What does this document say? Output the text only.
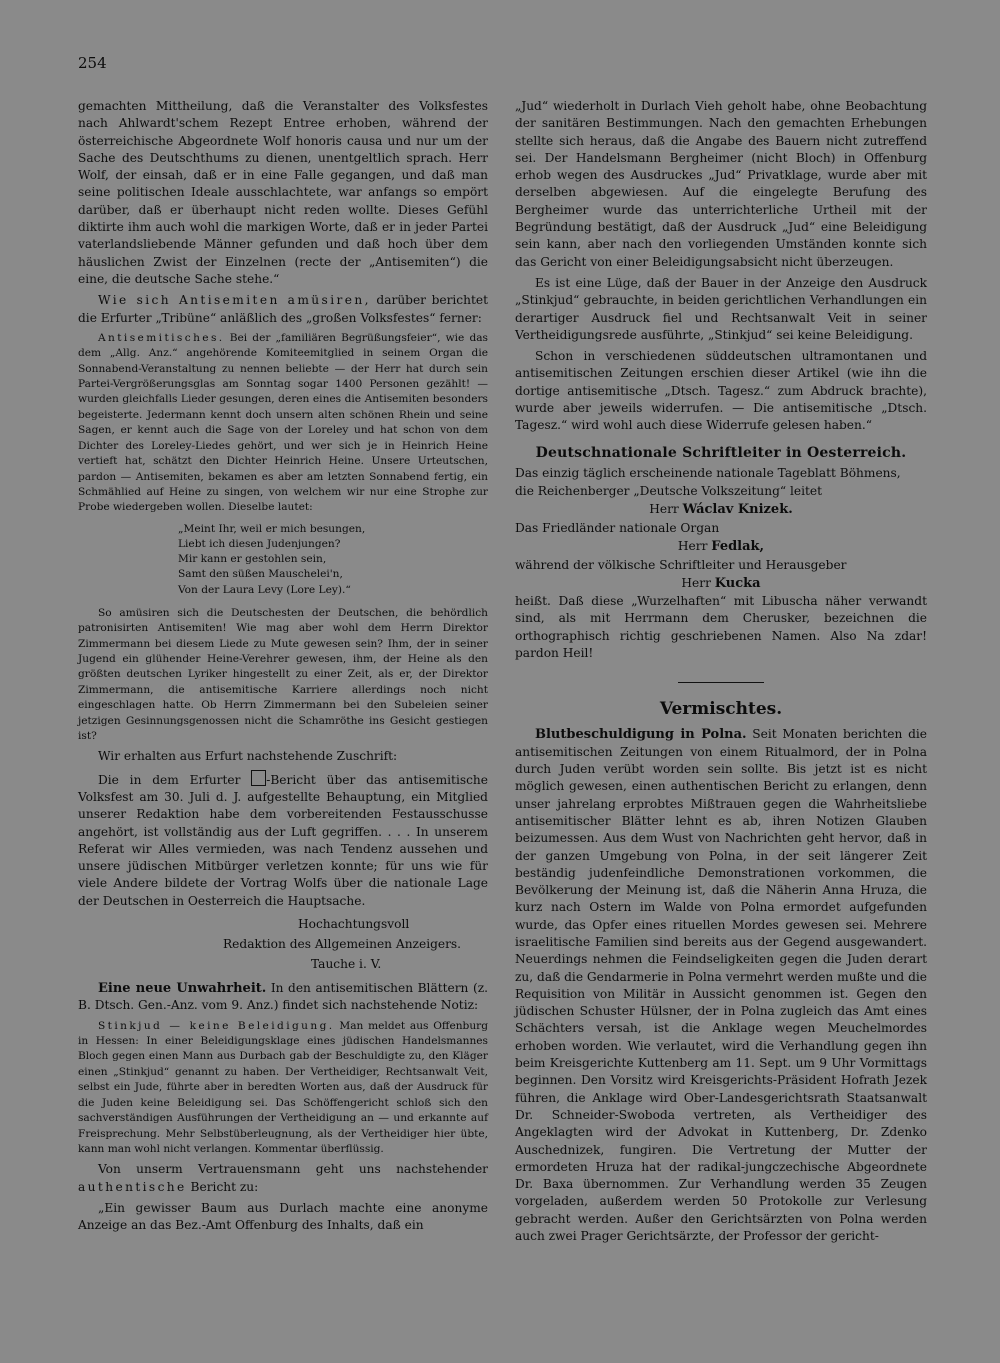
254

gemachten Mittheilung, daß die Veranstalter des Volksfestes nach Ahlwardt'schem Rezept Entree erhoben, während der österreichische Abgeordnete Wolf honoris causa und nur um der Sache des Deutschthums zu dienen, unentgeltlich sprach. Herr Wolf, der einsah, daß er in eine Falle gegangen, und daß man seine politischen Ideale ausschlachtete, war anfangs so empört darüber, daß er überhaupt nicht reden wollte. Dieses Gefühl diktirte ihm auch wohl die markigen Worte, daß er in jeder Partei vaterlandsliebende Männer gefunden und daß hoch über dem häuslichen Zwist der Einzelnen (recte der „Antisemiten“) die eine, die deutsche Sache stehe.“

Wie sich Antisemiten amüsiren, darüber berichtet die Erfurter „Tribüne“ anläßlich des „großen Volksfestes“ ferner:

Antisemitisches. Bei der „familiären Begrüßungsfeier“, wie das dem „Allg. Anz.“ angehörende Komiteemitglied in seinem Organ die Sonnabend-Veranstaltung zu nennen beliebte — der Herr hat durch sein Partei-Vergrößerungsglas am Sonntag sogar 1400 Personen gezählt! — wurden gleichfalls Lieder gesungen, deren eines die Antisemiten besonders begeisterte. Jedermann kennt doch unsern alten schönen Rhein und seine Sagen, er kennt auch die Sage von der Loreley und hat schon von dem Dichter des Loreley-Liedes gehört, und wer sich je in Heinrich Heine vertieft hat, schätzt den Dichter Heinrich Heine. Unsere Urteutschen, pardon — Antisemiten, bekamen es aber am letzten Sonnabend fertig, ein Schmählied auf Heine zu singen, von welchem wir nur eine Strophe zur Probe wiedergeben wollen. Dieselbe lautet:

„Meint Ihr, weil er mich besungen,
Liebt ich diesen Judenjungen?
Mir kann er gestohlen sein,
Samt den süßen Mauschelei'n,
Von der Laura Levy (Lore Ley).“

So amüsiren sich die Deutschesten der Deutschen, die behördlich patronisirten Antisemiten! Wie mag aber wohl dem Herrn Direktor Zimmermann bei diesem Liede zu Mute gewesen sein? Ihm, der in seiner Jugend ein glühender Heine-Verehrer gewesen, ihm, der Heine als den größten deutschen Lyriker hingestellt zu einer Zeit, als er, der Direktor Zimmermann, die antisemitische Karriere allerdings noch nicht eingeschlagen hatte. Ob Herrn Zimmermann bei den Subeleien seiner jetzigen Gesinnungsgenossen nicht die Schamröthe ins Gesicht gestiegen ist?

Wir erhalten aus Erfurt nachstehende Zuschrift:

Die in dem Erfurter -Bericht über das antisemitische Volksfest am 30. Juli d. J. aufgestellte Behauptung, ein Mitglied unserer Redaktion habe dem vorbereitenden Festausschusse angehört, ist vollständig aus der Luft gegriffen. . . . In unserem Referat wir Alles vermieden, was nach Tendenz aussehen und unsere jüdischen Mitbürger verletzen konnte; für uns wie für viele Andere bildete der Vortrag Wolfs über die nationale Lage der Deutschen in Oesterreich die Hauptsache.

Hochachtungsvoll
Redaktion des Allgemeinen Anzeigers.
Tauche i. V.

Eine neue Unwahrheit. In den antisemitischen Blättern (z. B. Dtsch. Gen.-Anz. vom 9. Anz.) findet sich nachstehende Notiz:

Stinkjud — keine Beleidigung. Man meldet aus Offenburg in Hessen: In einer Beleidigungsklage eines jüdischen Handelsmannes Bloch gegen einen Mann aus Durbach gab der Beschuldigte zu, den Kläger einen „Stinkjud“ genannt zu haben. Der Vertheidiger, Rechtsanwalt Veit, selbst ein Jude, führte aber in beredten Worten aus, daß der Ausdruck für die Juden keine Beleidigung sei. Das Schöffengericht schloß sich den sachverständigen Ausführungen der Vertheidigung an — und erkannte auf Freisprechung. Mehr Selbstüberleugnung, als der Vertheidiger hier übte, kann man wohl nicht verlangen. Kommentar überflüssig.

Von unserm Vertrauensmann geht uns nachstehender authentische Bericht zu:

„Ein gewisser Baum aus Durlach machte eine anonyme Anzeige an das Bez.-Amt Offenburg des Inhalts, daß ein

„Jud“ wiederholt in Durlach Vieh geholt habe, ohne Beobachtung der sanitären Bestimmungen. Nach den gemachten Erhebungen stellte sich heraus, daß die Angabe des Bauern nicht zutreffend sei. Der Handelsmann Bergheimer (nicht Bloch) in Offenburg erhob wegen des Ausdruckes „Jud“ Privatklage, wurde aber mit derselben abgewiesen. Auf die eingelegte Berufung des Bergheimer wurde das unterrichterliche Urtheil mit der Begründung bestätigt, daß der Ausdruck „Jud“ eine Beleidigung sein kann, aber nach den vorliegenden Umständen konnte sich das Gericht von einer Beleidigungsabsicht nicht überzeugen.

Es ist eine Lüge, daß der Bauer in der Anzeige den Ausdruck „Stinkjud“ gebrauchte, in beiden gerichtlichen Verhandlungen ein derartiger Ausdruck fiel und Rechtsanwalt Veit in seiner Vertheidigungsrede ausführte, „Stinkjud“ sei keine Beleidigung.

Schon in verschiedenen süddeutschen ultramontanen und antisemitischen Zeitungen erschien dieser Artikel (wie ihn die dortige antisemitische „Dtsch. Tagesz.“ zum Abdruck brachte), wurde aber jeweils widerrufen. — Die antisemitische „Dtsch. Tagesz.“ wird wohl auch diese Widerrufe gelesen haben.“

Deutschnationale Schriftleiter in Oesterreich.
Das einzig täglich erscheinende nationale Tageblatt Böhmens,
die Reichenberger „Deutsche Volkszeitung“ leitet
Herr Wáclav Knizek.
Das Friedländer nationale Organ
Herr Fedlak,
während der völkische Schriftleiter und Herausgeber
Herr Kucka

heißt. Daß diese „Wurzelhaften“ mit Libuscha näher verwandt sind, als mit Herrmann dem Cherusker, bezeichnen die orthographisch richtig geschriebenen Namen. Also Na zdar! pardon Heil!

Vermischtes.

Blutbeschuldigung in Polna. Seit Monaten berichten die antisemitischen Zeitungen von einem Ritualmord, der in Polna durch Juden verübt worden sein sollte. Bis jetzt ist es nicht möglich gewesen, einen authentischen Bericht zu erlangen, denn unser jahrelang erprobtes Mißtrauen gegen die Wahrheitsliebe antisemitischer Blätter lehnt es ab, ihren Notizen Glauben beizumessen. Aus dem Wust von Nachrichten geht hervor, daß in der ganzen Umgebung von Polna, in der seit längerer Zeit beständig judenfeindliche Demonstrationen vorkommen, die Bevölkerung der Meinung ist, daß die Näherin Anna Hruza, die kurz nach Ostern im Walde von Polna ermordet aufgefunden wurde, das Opfer eines rituellen Mordes gewesen sei. Mehrere israelitische Familien sind bereits aus der Gegend ausgewandert. Neuerdings nehmen die Feindseligkeiten gegen die Juden derart zu, daß die Gendarmerie in Polna vermehrt werden mußte und die Requisition von Militär in Aussicht genommen ist. Gegen den jüdischen Schuster Hülsner, der in Polna zugleich das Amt eines Schächters versah, ist die Anklage wegen Meuchelmordes erhoben worden. Wie verlautet, wird die Verhandlung gegen ihn beim Kreisgerichte Kuttenberg am 11. Sept. um 9 Uhr Vormittags beginnen. Den Vorsitz wird Kreisgerichts-Präsident Hofrath Jezek führen, die Anklage wird Ober-Landesgerichtsrath Staatsanwalt Dr. Schneider-Swoboda vertreten, als Vertheidiger des Angeklagten wird der Advokat in Kuttenberg, Dr. Zdenko Auschednizek, fungiren. Die Vertretung der Mutter der ermordeten Hruza hat der radikal-jungczechische Abgeordnete Dr. Baxa übernommen. Zur Verhandlung werden 35 Zeugen vorgeladen, außerdem werden 50 Protokolle zur Verlesung gebracht werden. Außer den Gerichtsärzten von Polna werden auch zwei Prager Gerichtsärzte, der Professor der gericht-
